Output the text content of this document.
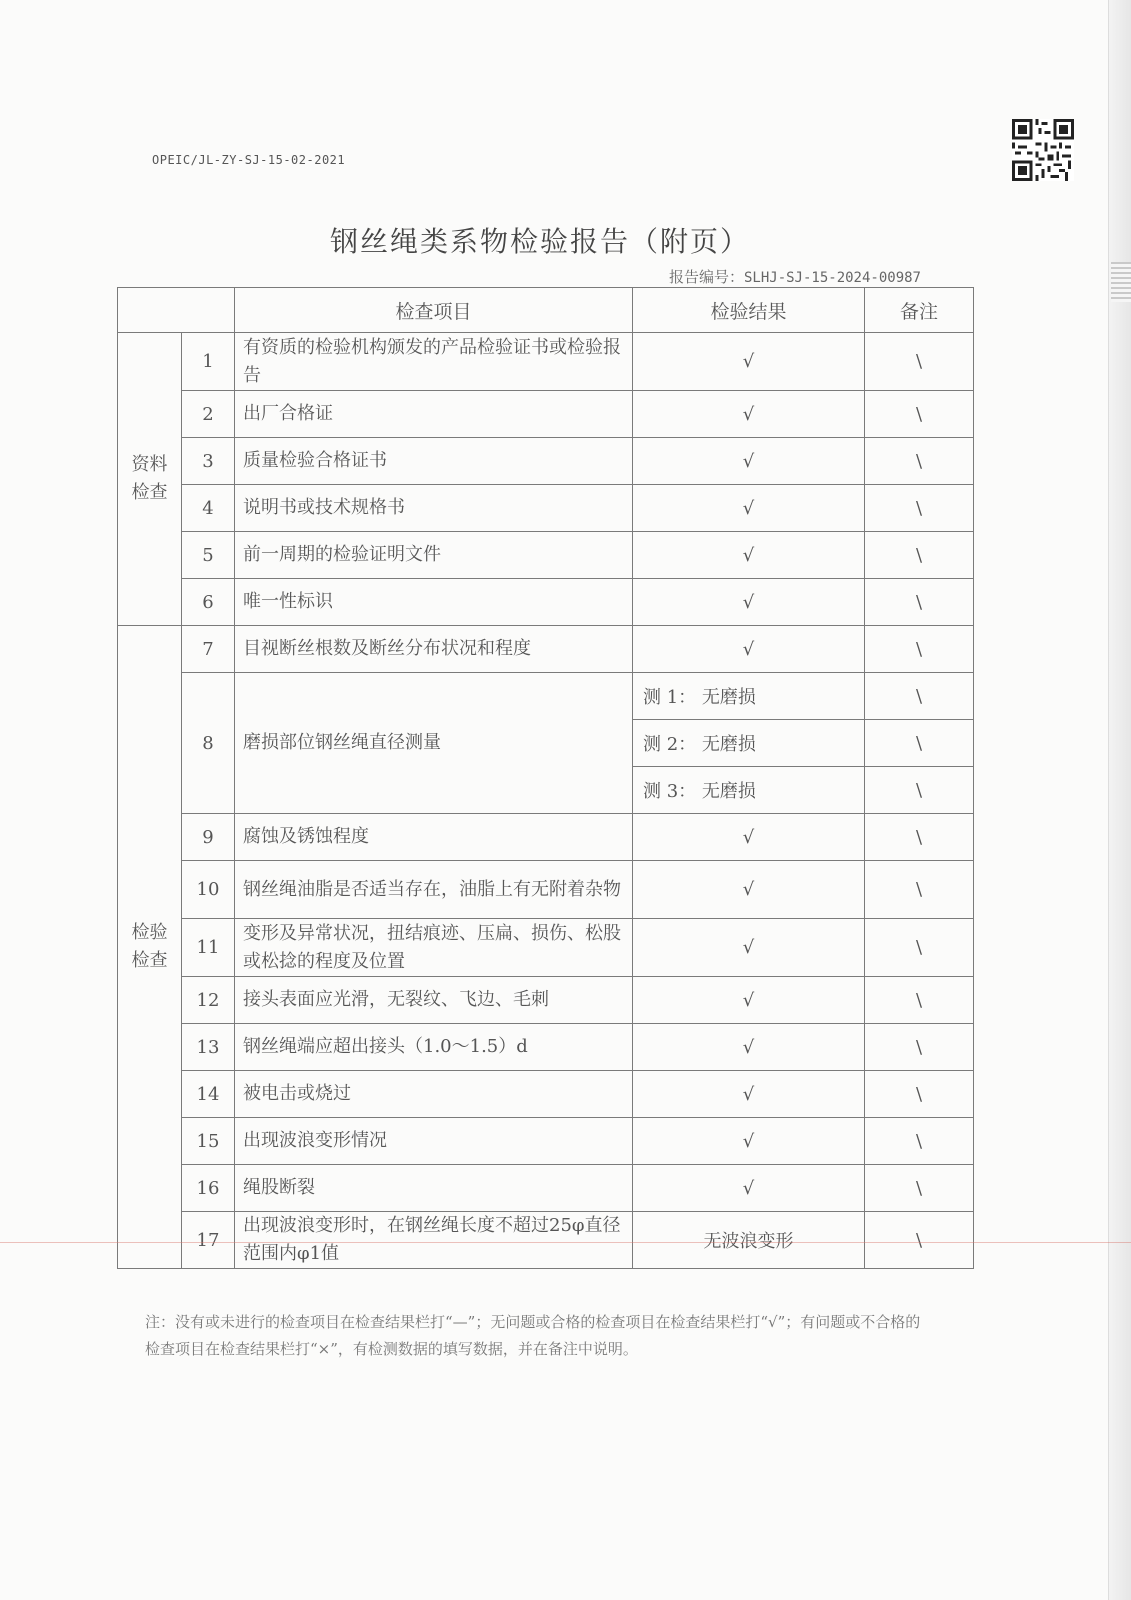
OPEIC/JL-ZY-SJ-15-02-2021
钢丝绳类系物检验报告（附页）
报告编号：SLHJ-SJ-15-2024-00987
		检查项目	检验结果	备注
资料
检查	1	有资质的检验机构颁发的产品检验证书或检验报告	√	\
	2	出厂合格证	√	\
	3	质量检验合格证书	√	\
	4	说明书或技术规格书	√	\
	5	前一周期的检验证明文件	√	\
	6	唯一性标识	√	\
检验
检查	7	目视断丝根数及断丝分布状况和程度	√	\
	8	磨损部位钢丝绳直径测量	测 1： 无磨损	\
			测 2： 无磨损	\
			测 3： 无磨损	\
	9	腐蚀及锈蚀程度	√	\
	10	钢丝绳油脂是否适当存在，油脂上有无附着杂物	√	\
	11	变形及异常状况，扭结痕迹、压扁、损伤、松股或松捻的程度及位置	√	\
	12	接头表面应光滑，无裂纹、飞边、毛刺	√	\
	13	钢丝绳端应超出接头（1.0～1.5）d	√	\
	14	被电击或烧过	√	\
	15	出现波浪变形情况	√	\
	16	绳股断裂	√	\
	17	出现波浪变形时，在钢丝绳长度不超过25φ直径范围内φ1值	无波浪变形	\
注：没有或未进行的检查项目在检查结果栏打“—”；无问题或合格的检查项目在检查结果栏打“√”；有问题或不合格的检查项目在检查结果栏打“×”，有检测数据的填写数据，并在备注中说明。
